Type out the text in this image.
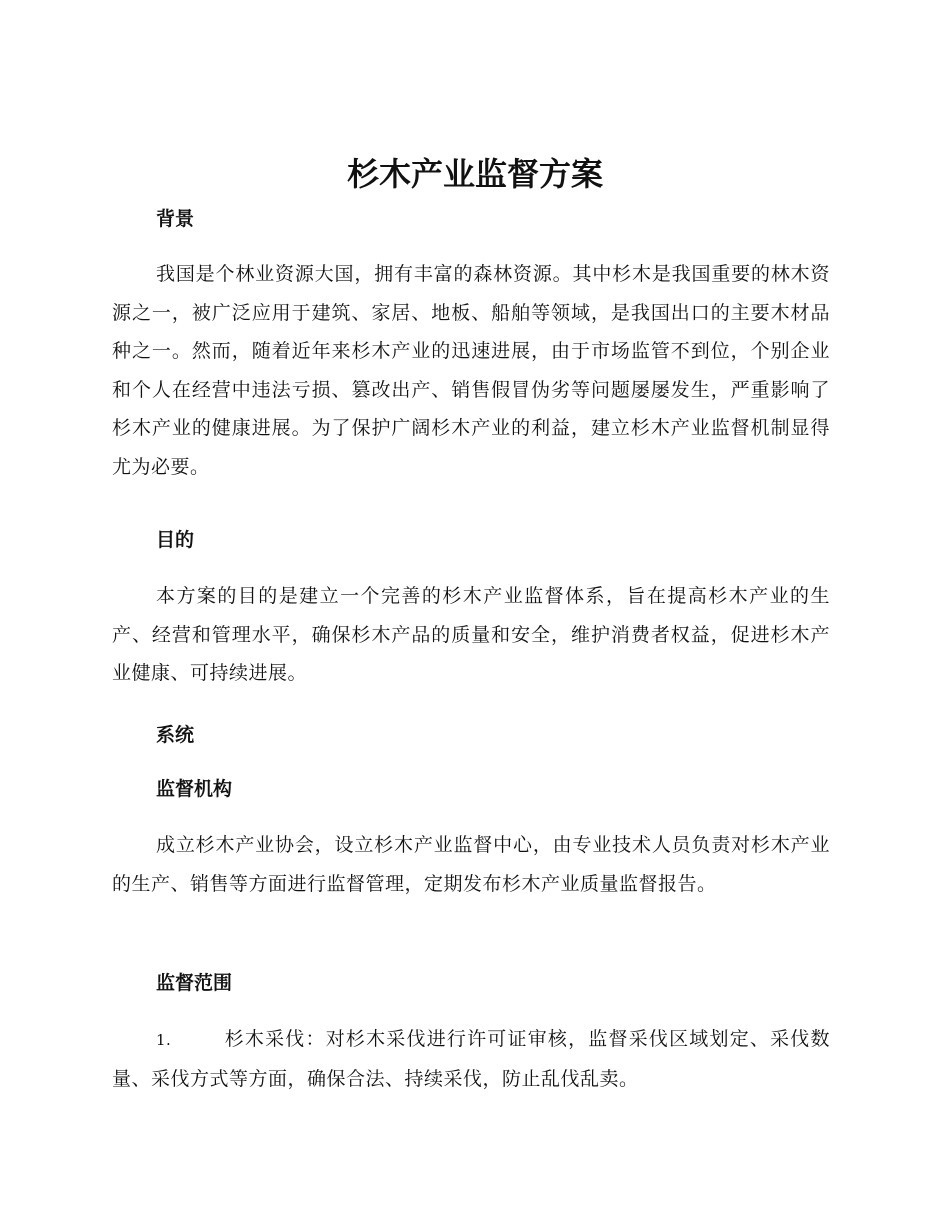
杉木产业监督方案
背景
我国是个林业资源大国，拥有丰富的森林资源。其中杉木是我国重要的林木资源之一，被广泛应用于建筑、家居、地板、船舶等领域，是我国出口的主要木材品种之一。然而，随着近年来杉木产业的迅速进展，由于市场监管不到位，个别企业和个人在经营中违法亏损、篡改出产、销售假冒伪劣等问题屡屡发生，严重影响了杉木产业的健康进展。为了保护广阔杉木产业的利益，建立杉木产业监督机制显得尤为必要。
目的
本方案的目的是建立一个完善的杉木产业监督体系，旨在提高杉木产业的生产、经营和管理水平，确保杉木产品的质量和安全，维护消费者权益，促进杉木产业健康、可持续进展。
系统
监督机构
成立杉木产业协会，设立杉木产业监督中心，由专业技术人员负责对杉木产业的生产、销售等方面进行监督管理，定期发布杉木产业质量监督报告。
监督范围
1.	杉木采伐：对杉木采伐进行许可证审核，监督采伐区域划定、采伐数量、采伐方式等方面，确保合法、持续采伐，防止乱伐乱卖。
